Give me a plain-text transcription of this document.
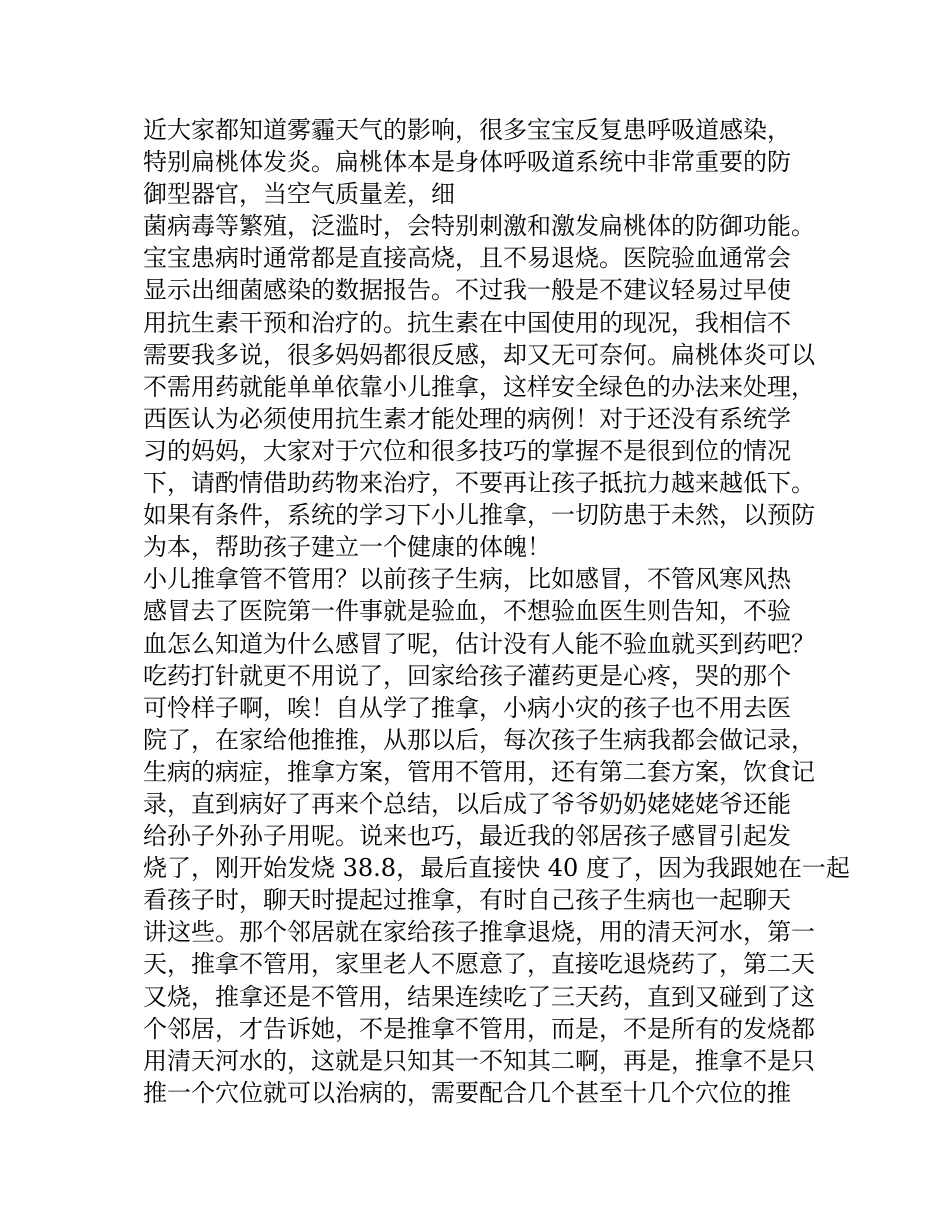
近大家都知道雾霾天气的影响，很多宝宝反复患呼吸道感染，
特别扁桃体发炎。扁桃体本是身体呼吸道系统中非常重要的防
御型器官，当空气质量差，细
菌病毒等繁殖，泛滥时，会特别刺激和激发扁桃体的防御功能。
宝宝患病时通常都是直接高烧，且不易退烧。医院验血通常会
显示出细菌感染的数据报告。不过我一般是不建议轻易过早使
用抗生素干预和治疗的。抗生素在中国使用的现况，我相信不
需要我多说，很多妈妈都很反感，却又无可奈何。扁桃体炎可以
不需用药就能单单依靠小儿推拿，这样安全绿色的办法来处理，
西医认为必须使用抗生素才能处理的病例！对于还没有系统学
习的妈妈，大家对于穴位和很多技巧的掌握不是很到位的情况
下，请酌情借助药物来治疗，不要再让孩子抵抗力越来越低下。
如果有条件，系统的学习下小儿推拿，一切防患于未然，以预防
为本，帮助孩子建立一个健康的体魄！
小儿推拿管不管用？以前孩子生病，比如感冒，不管风寒风热
感冒去了医院第一件事就是验血，不想验血医生则告知，不验
血怎么知道为什么感冒了呢，估计没有人能不验血就买到药吧？
吃药打针就更不用说了，回家给孩子灌药更是心疼，哭的那个
可怜样子啊，唉！自从学了推拿，小病小灾的孩子也不用去医
院了，在家给他推推，从那以后，每次孩子生病我都会做记录，
生病的病症，推拿方案，管用不管用，还有第二套方案，饮食记
录，直到病好了再来个总结，以后成了爷爷奶奶姥姥姥爷还能
给孙子外孙子用呢。说来也巧，最近我的邻居孩子感冒引起发
烧了，刚开始发烧 38.8，最后直接快 40 度了，因为我跟她在一起
看孩子时，聊天时提起过推拿，有时自己孩子生病也一起聊天
讲这些。那个邻居就在家给孩子推拿退烧，用的清天河水，第一
天，推拿不管用，家里老人不愿意了，直接吃退烧药了，第二天
又烧，推拿还是不管用，结果连续吃了三天药，直到又碰到了这
个邻居，才告诉她，不是推拿不管用，而是，不是所有的发烧都
用清天河水的，这就是只知其一不知其二啊，再是，推拿不是只
推一个穴位就可以治病的，需要配合几个甚至十几个穴位的推
